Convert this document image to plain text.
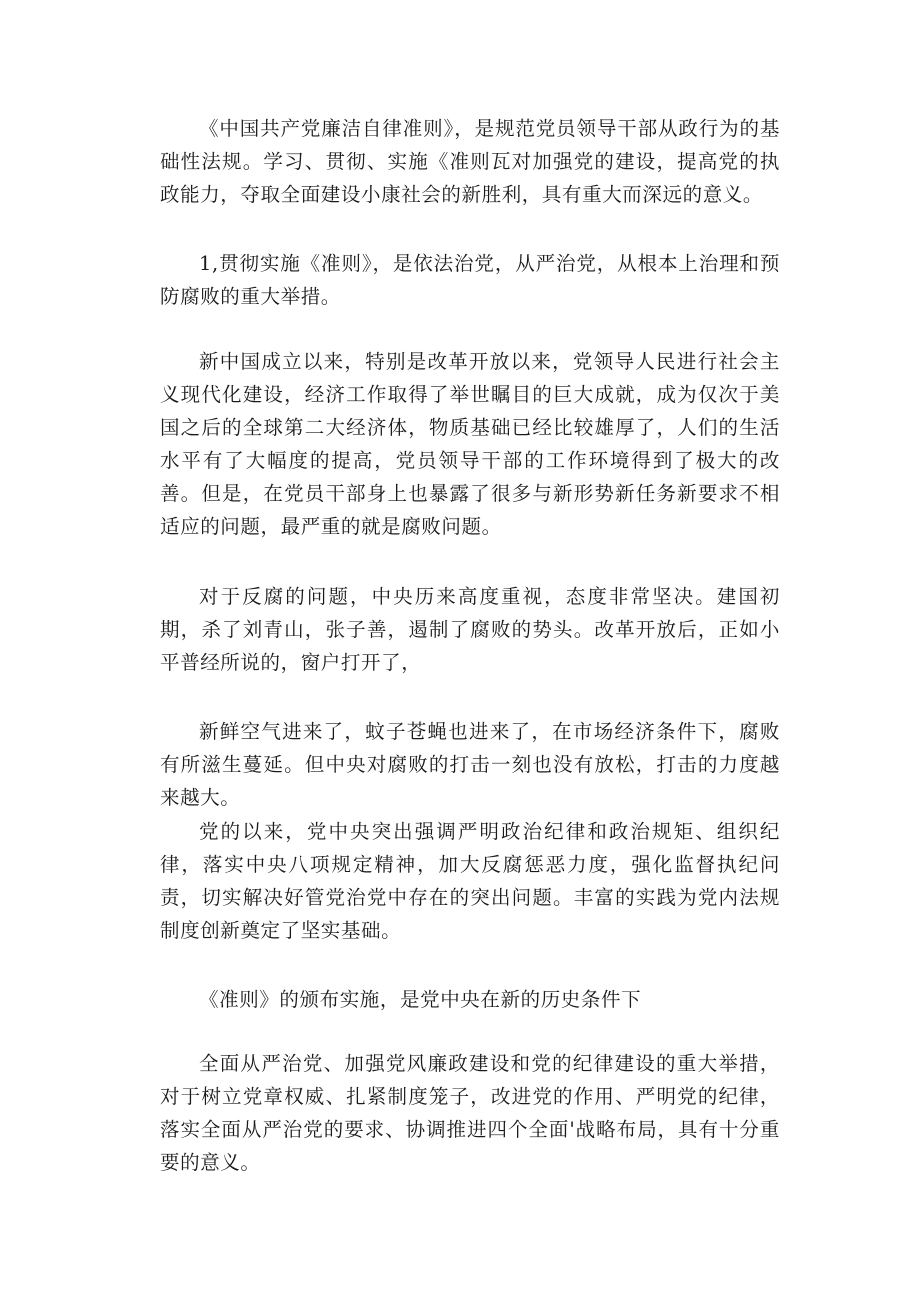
《中国共产党廉洁自律准则》，是规范党员领导干部从政行为的基础性法规。学习、贯彻、实施《准则瓦对加强党的建设，提高党的执政能力，夺取全面建设小康社会的新胜利，具有重大而深远的意义。

1,贯彻实施《准则》，是依法治党，从严治党，从根本上治理和预防腐败的重大举措。

新中国成立以来，特别是改革开放以来，党领导人民进行社会主义现代化建设，经济工作取得了举世瞩目的巨大成就，成为仅次于美国之后的全球第二大经济体，物质基础已经比较雄厚了，人们的生活水平有了大幅度的提高，党员领导干部的工作环境得到了极大的改善。但是，在党员干部身上也暴露了很多与新形势新任务新要求不相适应的问题，最严重的就是腐败问题。

对于反腐的问题，中央历来高度重视，态度非常坚决。建国初期，杀了刘青山，张子善，遏制了腐败的势头。改革开放后，正如小平普经所说的，窗户打开了，

新鲜空气进来了，蚊子苍蝇也进来了，在市场经济条件下，腐败有所滋生蔓延。但中央对腐败的打击一刻也没有放松，打击的力度越来越大。

党的以来，党中央突出强调严明政治纪律和政治规矩、组织纪律，落实中央八项规定精神，加大反腐惩恶力度，强化监督执纪问责，切实解决好管党治党中存在的突出问题。丰富的实践为党内法规制度创新奠定了坚实基础。

《准则》的颁布实施，是党中央在新的历史条件下

全面从严治党、加强党风廉政建设和党的纪律建设的重大举措，对于树立党章权威、扎紧制度笼子，改进党的作用、严明党的纪律，落实全面从严治党的要求、协调推进四个全面'战略布局，具有十分重要的意义。
